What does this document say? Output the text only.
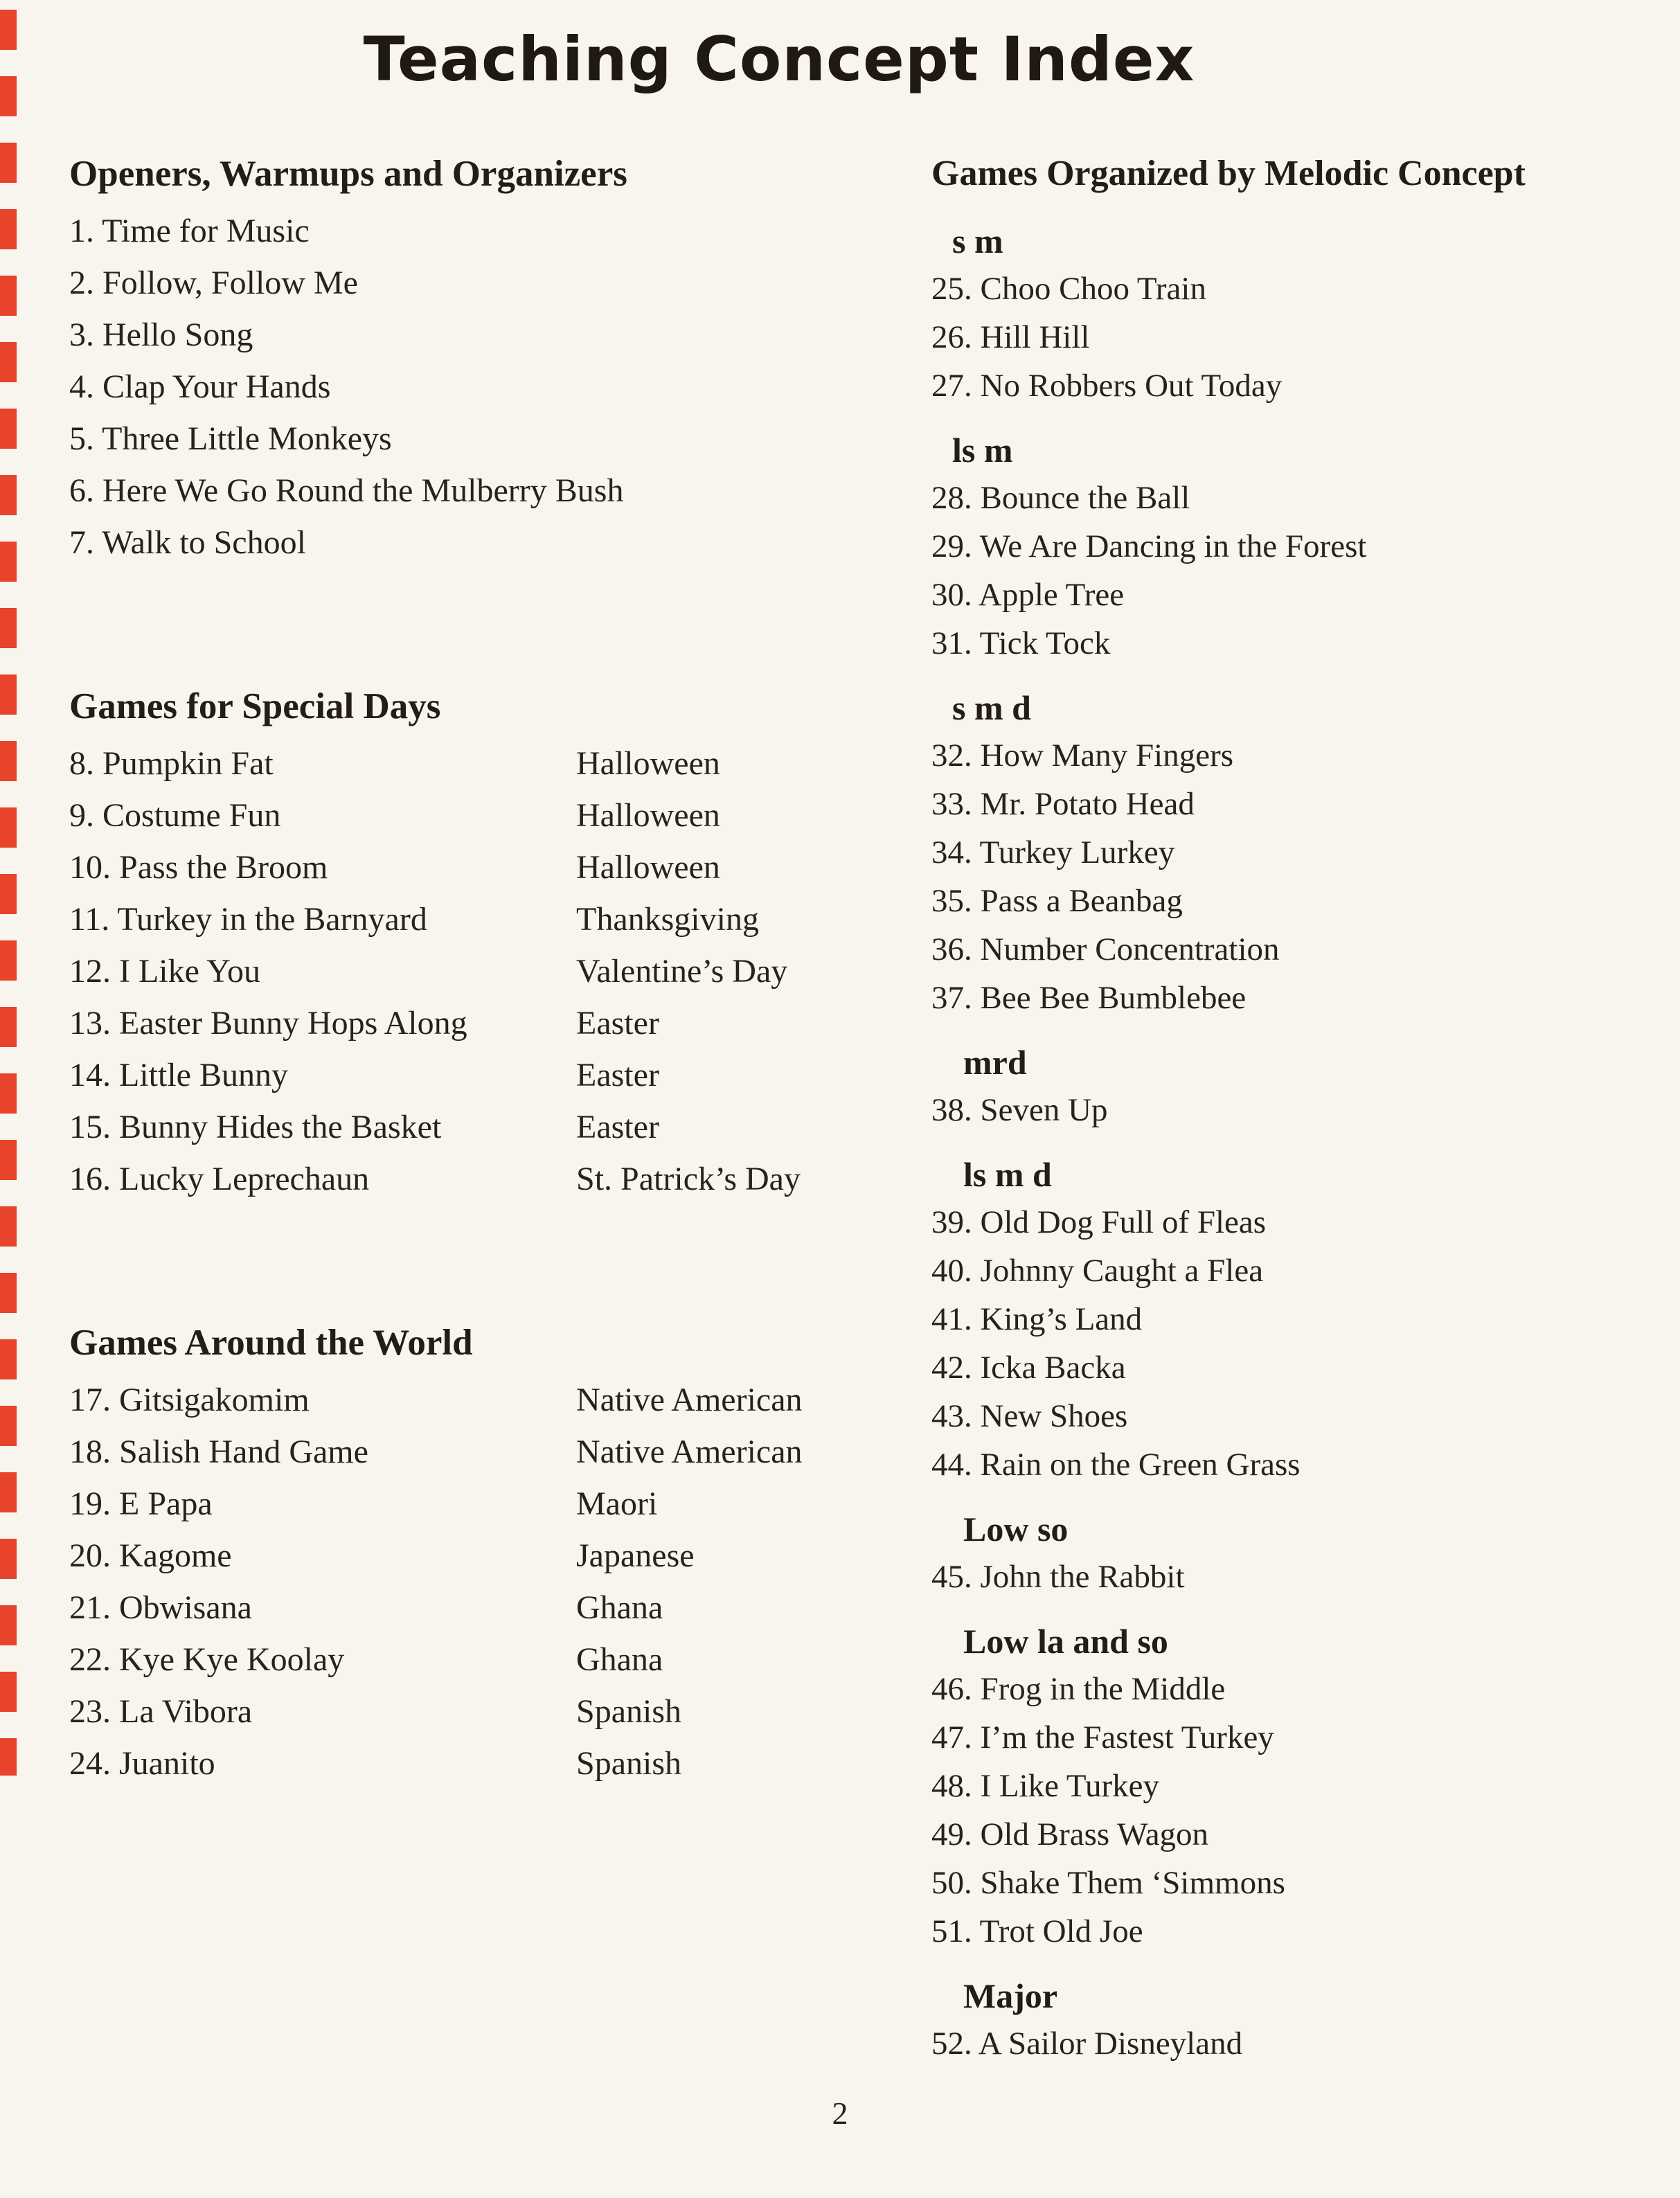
Teaching Concept Index
Openers, Warmups and Organizers
1. Time for Music
2. Follow, Follow Me
3. Hello Song
4. Clap Your Hands
5. Three Little Monkeys
6. Here We Go Round the Mulberry Bush
7. Walk to School
Games for Special Days
8. Pumpkin Fat	Halloween
9. Costume Fun	Halloween
10. Pass the Broom	Halloween
11. Turkey in the Barnyard	Thanksgiving
12. I Like You	Valentine’s Day
13. Easter Bunny Hops Along	Easter
14. Little Bunny	Easter
15. Bunny Hides the Basket	Easter
16. Lucky Leprechaun	St. Patrick’s Day
Games Around the World
17. Gitsigakomim	Native American
18. Salish Hand Game	Native American
19. E Papa	Maori
20. Kagome	Japanese
21. Obwisana	Ghana
22. Kye Kye Koolay	Ghana
23. La Vibora	Spanish
24. Juanito	Spanish
Games Organized by Melodic Concept
s m
25. Choo Choo Train
26. Hill Hill
27. No Robbers Out Today
ls m
28. Bounce the Ball
29. We Are Dancing in the Forest
30. Apple Tree
31. Tick Tock
s m d
32. How Many Fingers
33. Mr. Potato Head
34. Turkey Lurkey
35. Pass a Beanbag
36. Number Concentration
37. Bee Bee Bumblebee
mrd
38. Seven Up
ls m d
39. Old Dog Full of Fleas
40. Johnny Caught a Flea
41. King’s Land
42. Icka Backa
43. New Shoes
44. Rain on the Green Grass
Low so
45. John the Rabbit
Low la and so
46. Frog in the Middle
47. I’m the Fastest Turkey
48. I Like Turkey
49. Old Brass Wagon
50. Shake Them ‘Simmons
51. Trot Old Joe
Major
52. A Sailor Disneyland
2
